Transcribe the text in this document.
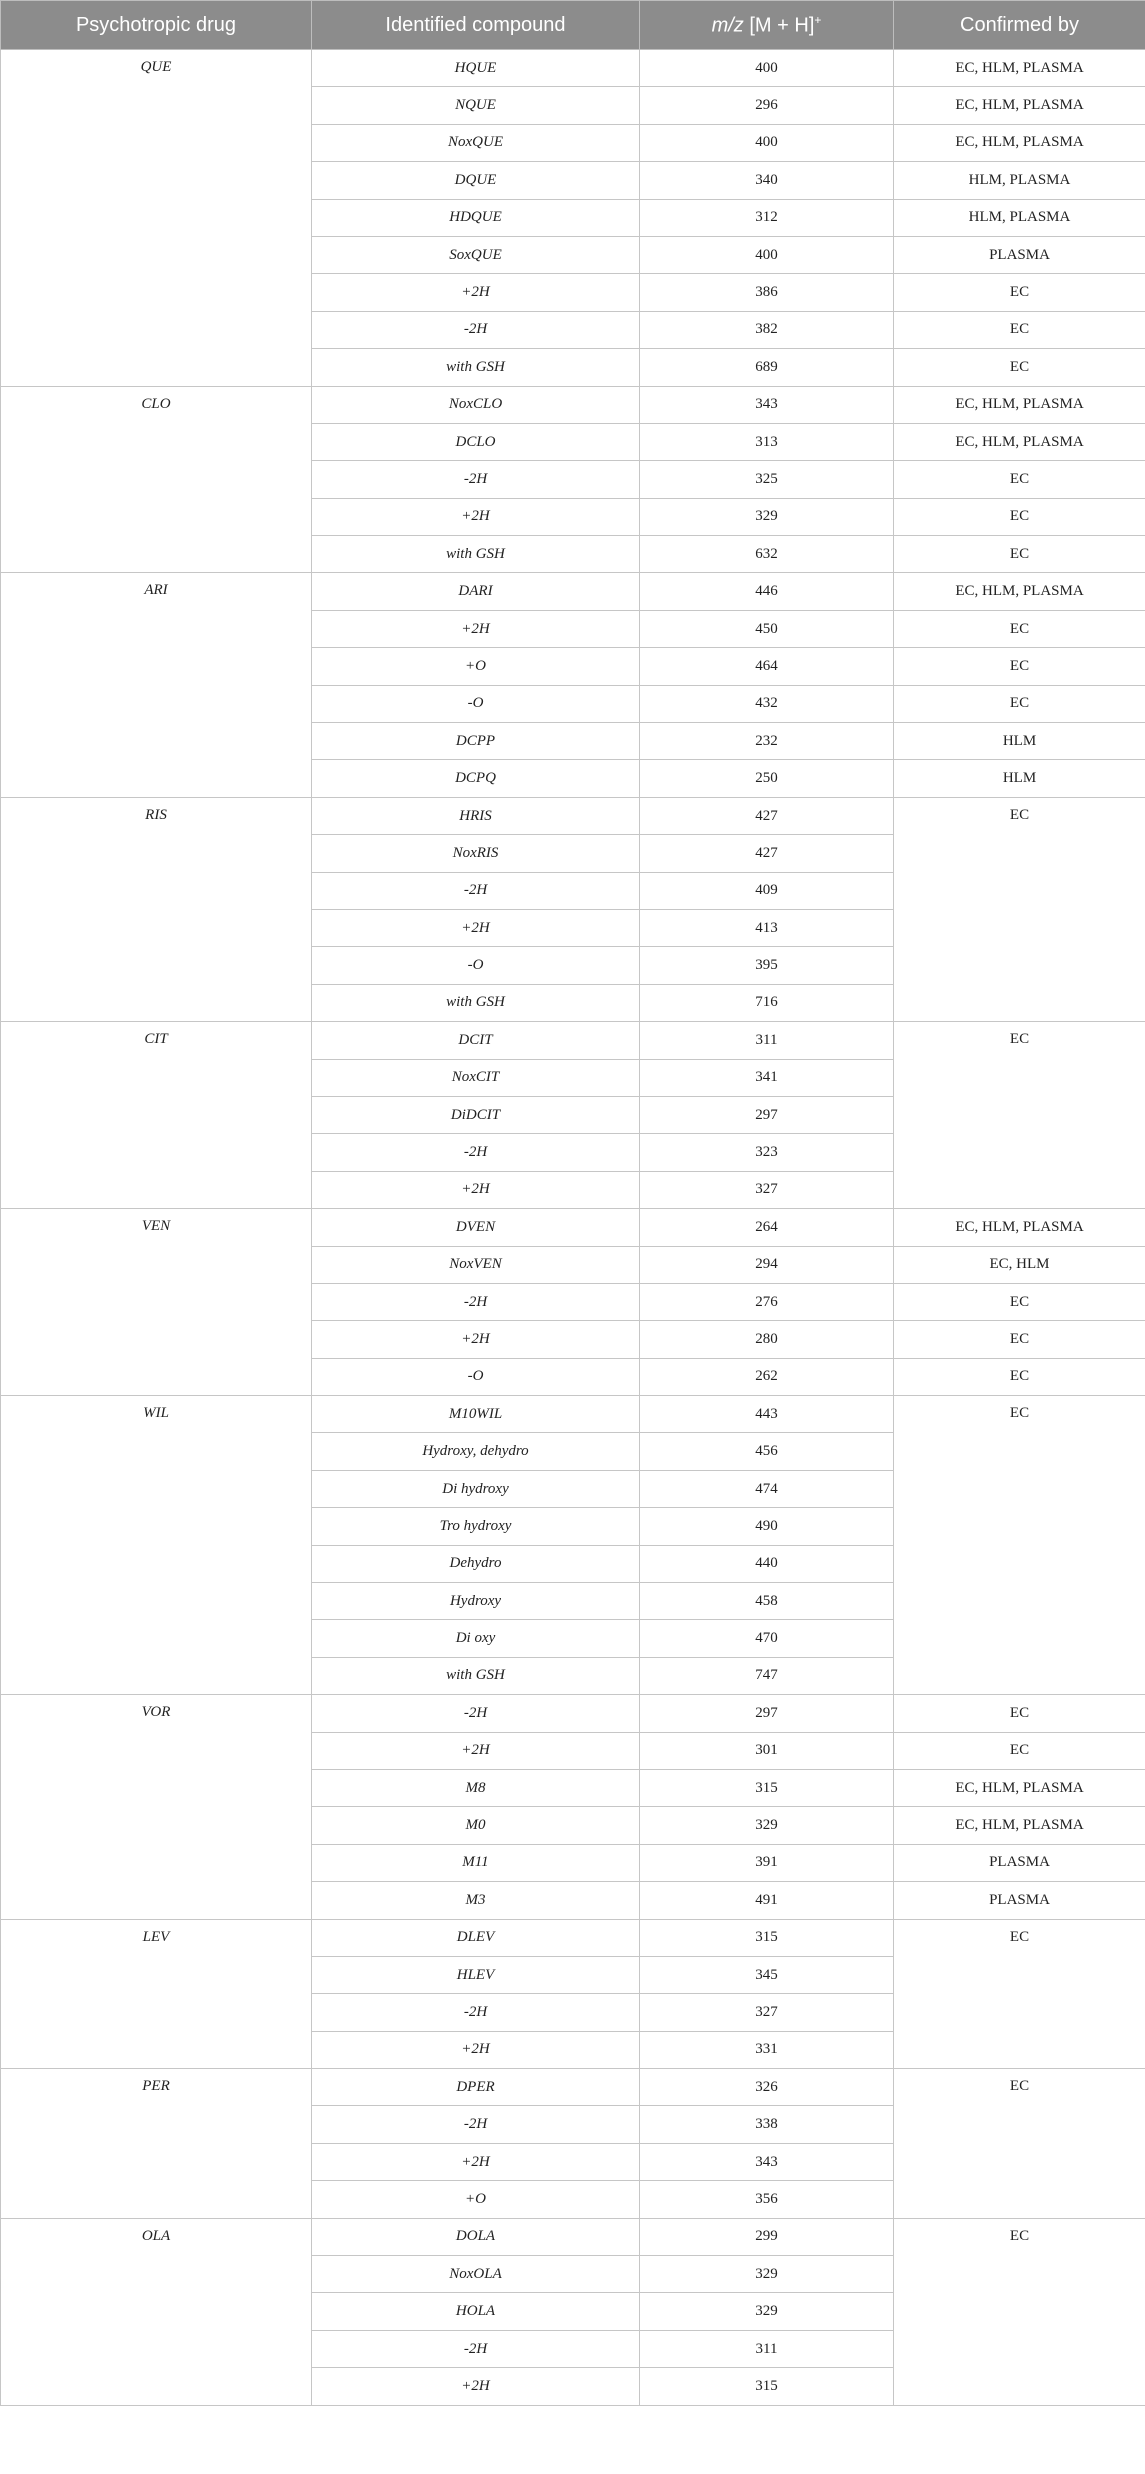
Psychotropic drug	Identified compound	m/z [M + H]+	Confirmed by
QUE	HQUE	400	EC, HLM, PLASMA
	NQUE	296	EC, HLM, PLASMA
	NoxQUE	400	EC, HLM, PLASMA
	DQUE	340	HLM, PLASMA
	HDQUE	312	HLM, PLASMA
	SoxQUE	400	PLASMA
	+2H	386	EC
	-2H	382	EC
	with GSH	689	EC
CLO	NoxCLO	343	EC, HLM, PLASMA
	DCLO	313	EC, HLM, PLASMA
	-2H	325	EC
	+2H	329	EC
	with GSH	632	EC
ARI	DARI	446	EC, HLM, PLASMA
	+2H	450	EC
	+O	464	EC
	-O	432	EC
	DCPP	232	HLM
	DCPQ	250	HLM
RIS	HRIS	427	EC
	NoxRIS	427	
	-2H	409	
	+2H	413	
	-O	395	
	with GSH	716	
CIT	DCIT	311	EC
	NoxCIT	341	
	DiDCIT	297	
	-2H	323	
	+2H	327	
VEN	DVEN	264	EC, HLM, PLASMA
	NoxVEN	294	EC, HLM
	-2H	276	EC
	+2H	280	EC
	-O	262	EC
WIL	M10WIL	443	EC
	Hydroxy, dehydro	456	
	Di hydroxy	474	
	Tro hydroxy	490	
	Dehydro	440	
	Hydroxy	458	
	Di oxy	470	
	with GSH	747	
VOR	-2H	297	EC
	+2H	301	EC
	M8	315	EC, HLM, PLASMA
	M0	329	EC, HLM, PLASMA
	M11	391	PLASMA
	M3	491	PLASMA
LEV	DLEV	315	EC
	HLEV	345	
	-2H	327	
	+2H	331	
PER	DPER	326	EC
	-2H	338	
	+2H	343	
	+O	356	
OLA	DOLA	299	EC
	NoxOLA	329	
	HOLA	329	
	-2H	311	
	+2H	315	
